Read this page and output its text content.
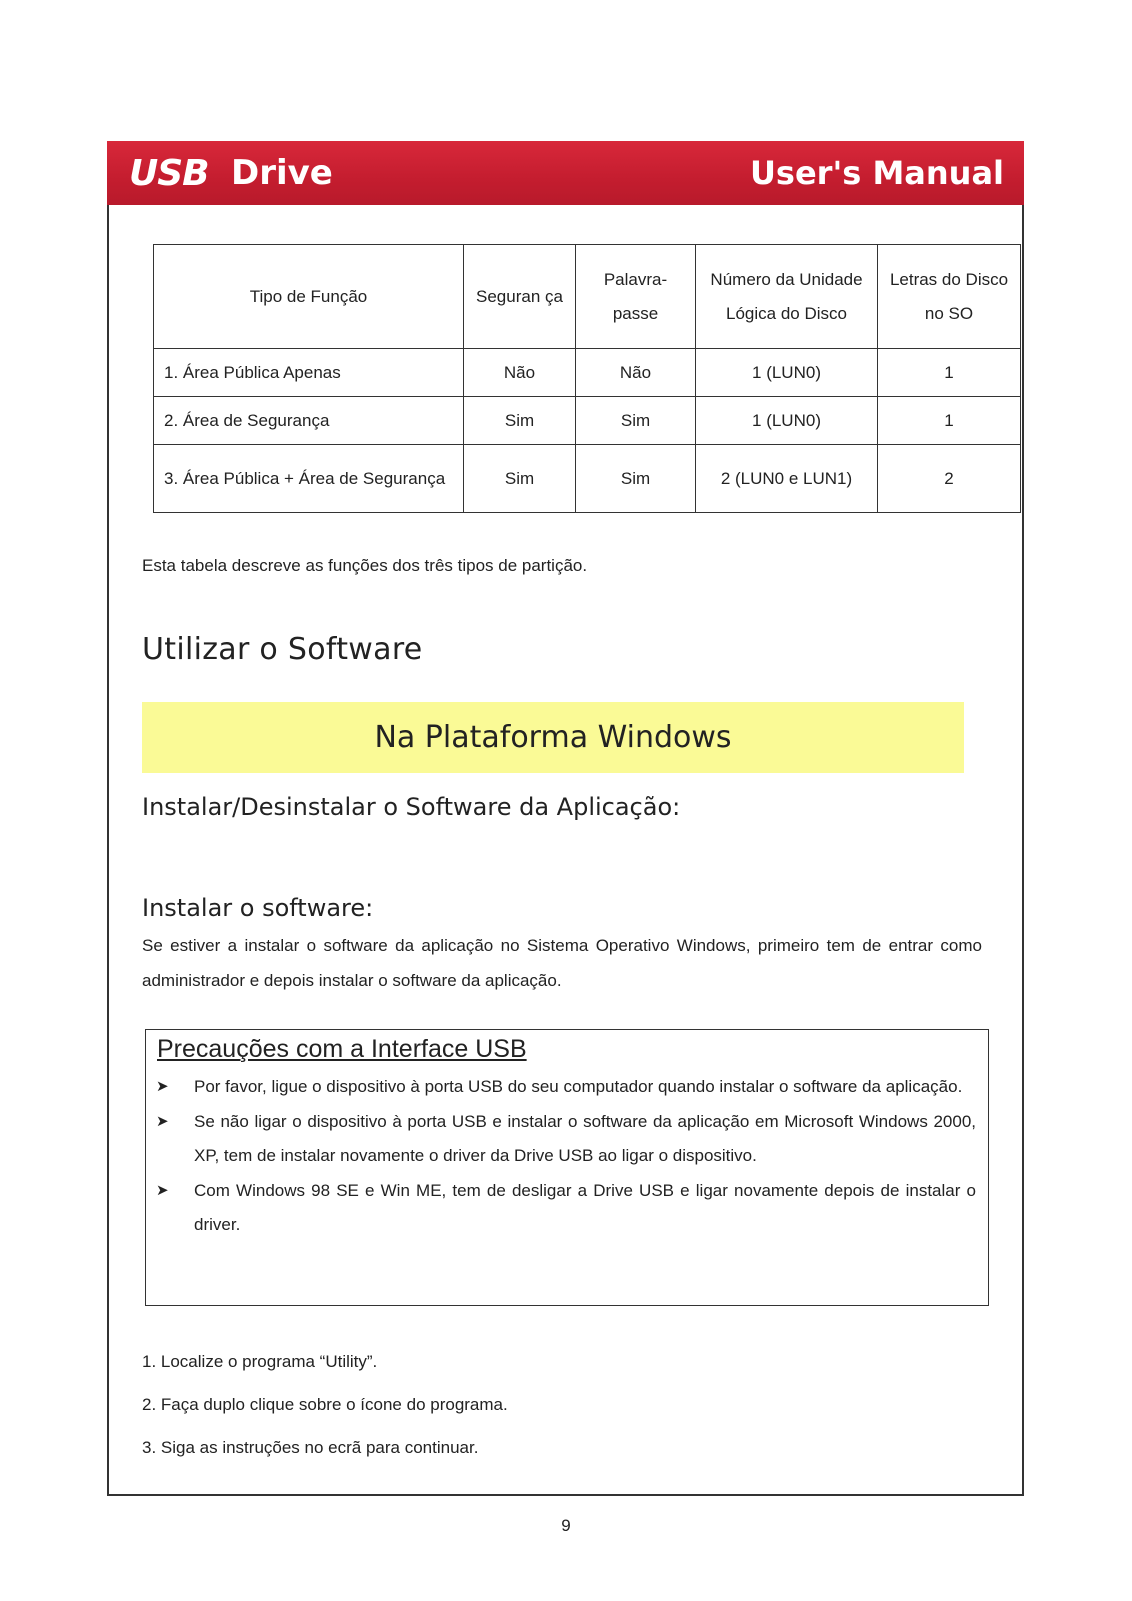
USB Drive	User's Manual
Tipo de Função	Seguran ça	Palavra- passe	Número da Unidade Lógica do Disco	Letras do Disco no SO
1. Área Pública Apenas	Não	Não	1 (LUN0)	1
2. Área de Segurança	Sim	Sim	1 (LUN0)	1
3. Área Pública + Área de Segurança	Sim	Sim	2 (LUN0 e LUN1)	2
Esta tabela descreve as funções dos três tipos de partição.
Utilizar o Software
Na Plataforma Windows
Instalar/Desinstalar o Software da Aplicação:
Instalar o software:
Se estiver a instalar o software da aplicação no Sistema Operativo Windows, primeiro tem de entrar como administrador e depois instalar o software da aplicação.
Precauções com a Interface USB
➤ Por favor, ligue o dispositivo à porta USB do seu computador quando instalar o software da aplicação.
➤ Se não ligar o dispositivo à porta USB e instalar o software da aplicação em Microsoft Windows 2000, XP, tem de instalar novamente o driver da Drive USB ao ligar o dispositivo.
➤ Com Windows 98 SE e Win ME, tem de desligar a Drive USB e ligar novamente depois de instalar o driver.
1. Localize o programa “Utility”.
2. Faça duplo clique sobre o ícone do programa.
3. Siga as instruções no ecrã para continuar.
9
